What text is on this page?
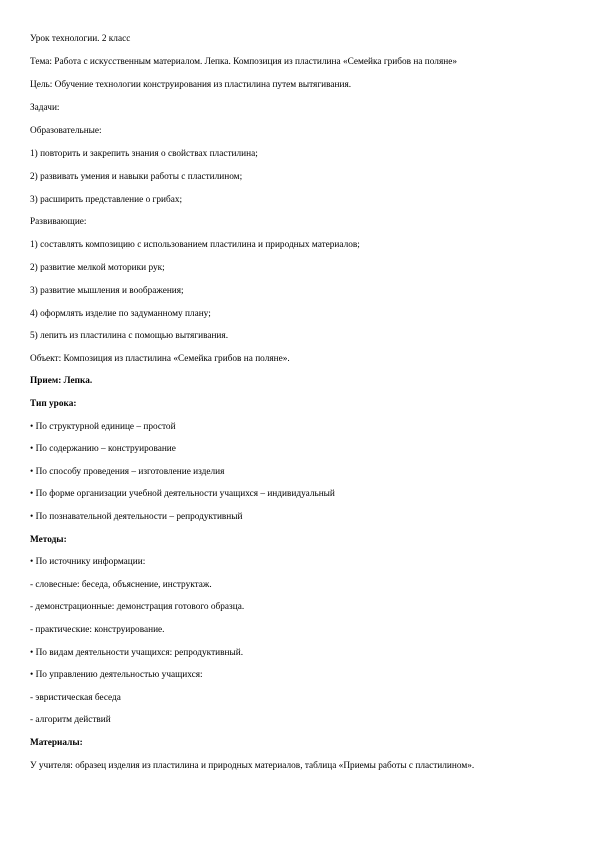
Урок технологии. 2 класс
Тема: Работа с искусственным материалом. Лепка. Композиция из пластилина «Семейка грибов на поляне»
Цель: Обучение технологии конструирования из пластилина путем вытягивания.
Задачи:
Образовательные:
1) повторить и закрепить знания о свойствах пластилина;
2) развивать умения и навыки работы с пластилином;
3) расширить представление о грибах;
Развивающие:
1) составлять композицию с использованием пластилина и природных материалов;
2) развитие мелкой моторики рук;
3) развитие мышления и воображения;
4) оформлять изделие по задуманному плану;
5) лепить из пластилина с помощью вытягивания.
Объект: Композиция из пластилина «Семейка грибов на поляне».
Прием: Лепка.
Тип урока:
• По структурной единице – простой
• По содержанию – конструирование
• По способу проведения – изготовление изделия
• По форме организации учебной деятельности учащихся – индивидуальный
• По познавательной деятельности – репродуктивный
Методы:
• По источнику информации:
- словесные: беседа, объяснение, инструктаж.
- демонстрационные: демонстрация готового образца.
- практические: конструирование.
• По видам деятельности учащихся: репродуктивный.
• По управлению деятельностью учащихся:
- эвристическая беседа
- алгоритм действий
Материалы:
У учителя: образец изделия из пластилина и природных материалов, таблица «Приемы работы с пластилином».
